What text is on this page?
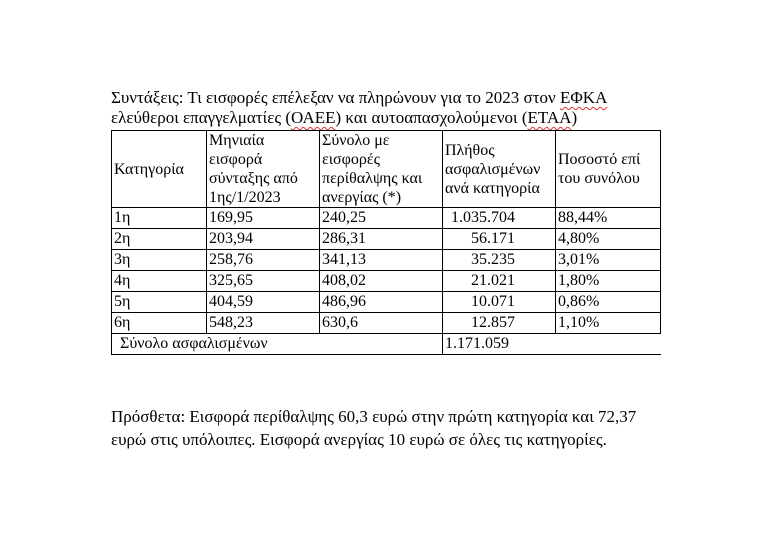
Συντάξεις: Τι εισφορές επέλεξαν να πληρώνουν για το 2023 στον ΕΦΚΑ
ελεύθεροι επαγγελματίες (ΟΑΕΕ) και αυτοαπασχολούμενοι (ΕΤΑΑ)
Κατηγορία	Μηνιαία εισφορά σύνταξης από 1ης/1/2023	Σύνολο με εισφορές περίθαλψης και ανεργίας (*)	Πλήθος ασφαλισμένων ανά κατηγορία	Ποσοστό επί του συνόλου
1η	169,95	240,25	1.035.704	88,44%
2η	203,94	286,31	56.171	4,80%
3η	258,76	341,13	35.235	3,01%
4η	325,65	408,02	21.021	1,80%
5η	404,59	486,96	10.071	0,86%
6η	548,23	630,6	12.857	1,10%
Σύνολο ασφαλισμένων			1.171.059	
Πρόσθετα: Εισφορά περίθαλψης 60,3 ευρώ στην πρώτη κατηγορία και 72,37 ευρώ στις υπόλοιπες. Εισφορά ανεργίας 10 ευρώ σε όλες τις κατηγορίες.
